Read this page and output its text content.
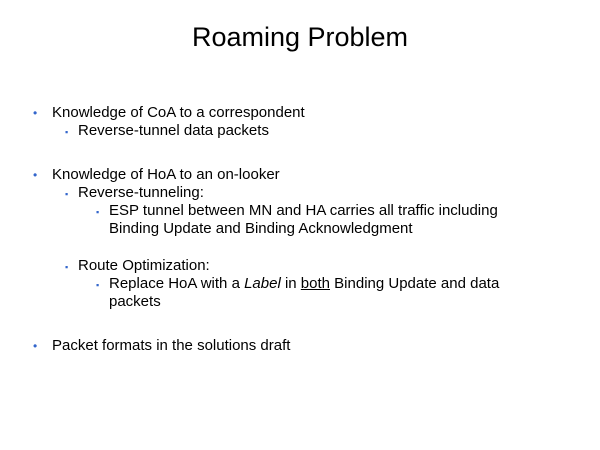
Roaming Problem
• Knowledge of CoA to a correspondent
▪ Reverse-tunnel data packets
• Knowledge of HoA to an on-looker
▪ Reverse-tunneling:
▪ ESP tunnel between MN and HA carries all traffic including
Binding Update and Binding Acknowledgment
▪ Route Optimization:
▪ Replace HoA with a Label in both Binding Update and data
packets
• Packet formats in the solutions draft
